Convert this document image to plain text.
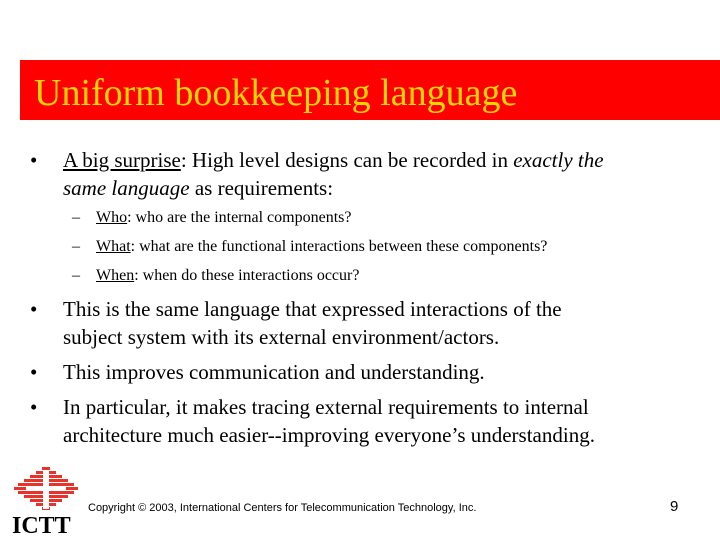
Uniform bookkeeping language
• A big surprise: High level designs can be recorded in exactly the
same language as requirements:
– Who: who are the internal components?
– What: what are the functional interactions between these components?
– When: when do these interactions occur?
• This is the same language that expressed interactions of the
subject system with its external environment/actors.
• This improves communication and understanding.
• In particular, it makes tracing external requirements to internal
architecture much easier--improving everyone’s understanding.
ICTT
Copyright © 2003, International Centers for Telecommunication Technology, Inc.	9
